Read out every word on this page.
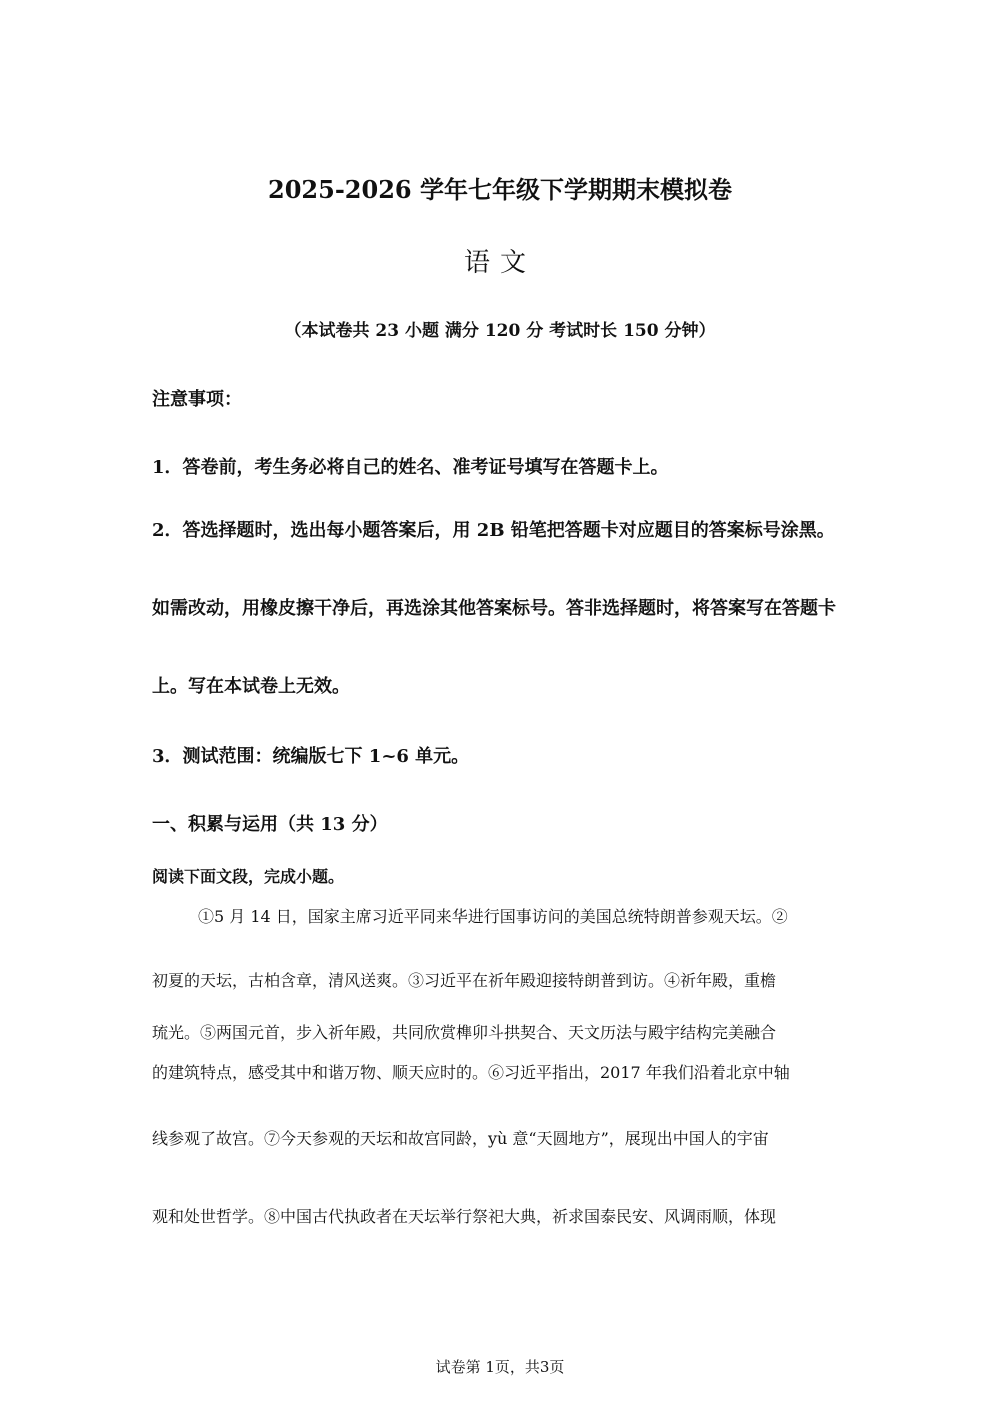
2025-2026 学年七年级下学期期末模拟卷
语文
（本试卷共 23 小题 满分 120 分 考试时长 150 分钟）
注意事项：
1．答卷前，考生务必将自己的姓名、准考证号填写在答题卡上。
2．答选择题时，选出每小题答案后，用 2B 铅笔把答题卡对应题目的答案标号涂黑。如需改动，用橡皮擦干净后，再选涂其他答案标号。答非选择题时，将答案写在答题卡上。写在本试卷上无效。
3．测试范围：统编版七下 1~6 单元。
一、积累与运用（共 13 分）
阅读下面文段，完成小题。
①5 月 14 日，国家主席习近平同来华进行国事访问的美国总统特朗普参观天坛。②
初夏的天坛，古柏含章，清风送爽。③习近平在祈年殿迎接特朗普到访。④祈年殿，重檐
琉光。⑤两国元首，步入祈年殿，共同欣赏榫卯斗拱契合、天文历法与殿宇结构完美融合
的建筑特点，感受其中和谐万物、顺天应时的。⑥习近平指出，2017 年我们沿着北京中轴
线参观了故宫。⑦今天参观的天坛和故宫同龄，yù 意“天圆地方”，展现出中国人的宇宙
观和处世哲学。⑧中国古代执政者在天坛举行祭祀大典，祈求国泰民安、风调雨顺，体现
试卷第 1页，共3页
